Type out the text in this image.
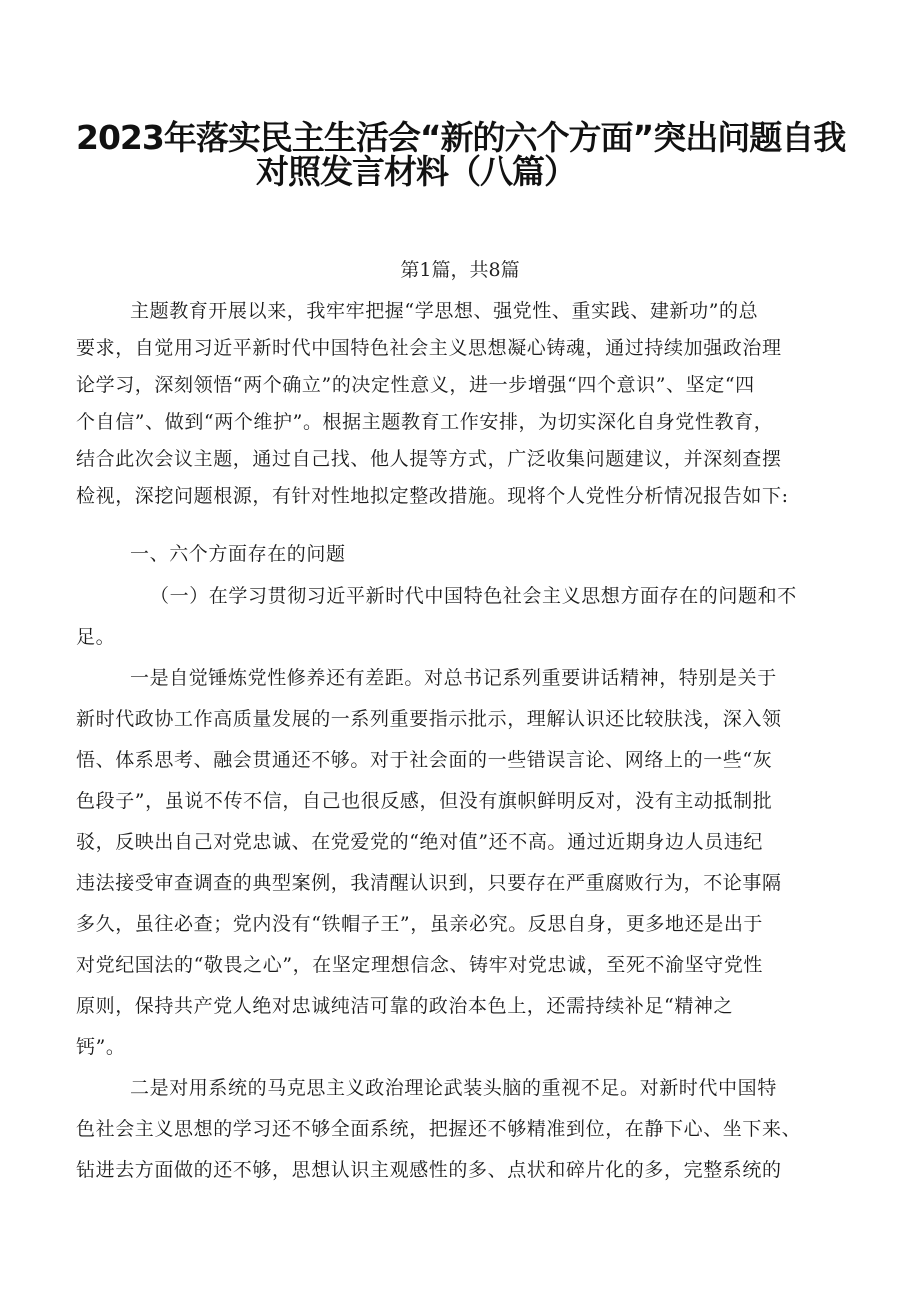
2023年落实民主生活会“新的六个方面”突出问题自我
对照发言材料（八篇）
第1篇，共8篇
主题教育开展以来，我牢牢把握“学思想、强党性、重实践、建新功”的总
要求，自觉用习近平新时代中国特色社会主义思想凝心铸魂，通过持续加强政治理
论学习，深刻领悟“两个确立”的决定性意义，进一步增强“四个意识”、坚定“四
个自信”、做到“两个维护”。根据主题教育工作安排，为切实深化自身党性教育，
结合此次会议主题，通过自己找、他人提等方式，广泛收集问题建议，并深刻查摆
检视，深挖问题根源，有针对性地拟定整改措施。现将个人党性分析情况报告如下:
一、六个方面存在的问题
（一）在学习贯彻习近平新时代中国特色社会主义思想方面存在的问题和不
足。
一是自觉锤炼党性修养还有差距。对总书记系列重要讲话精神，特别是关于
新时代政协工作高质量发展的一系列重要指示批示，理解认识还比较肤浅，深入领
悟、体系思考、融会贯通还不够。对于社会面的一些错误言论、网络上的一些“灰
色段子”，虽说不传不信，自己也很反感，但没有旗帜鲜明反对，没有主动抵制批
驳，反映出自己对党忠诚、在党爱党的“绝对值”还不高。通过近期身边人员违纪
违法接受审查调查的典型案例，我清醒认识到，只要存在严重腐败行为，不论事隔
多久，虽往必查；党内没有“铁帽子王”，虽亲必究。反思自身，更多地还是出于
对党纪国法的“敬畏之心”，在坚定理想信念、铸牢对党忠诚，至死不渝坚守党性
原则，保持共产党人绝对忠诚纯洁可靠的政治本色上，还需持续补足“精神之
钙”。
二是对用系统的马克思主义政治理论武装头脑的重视不足。对新时代中国特
色社会主义思想的学习还不够全面系统，把握还不够精准到位，在静下心、坐下来、
钻进去方面做的还不够，思想认识主观感性的多、点状和碎片化的多，完整系统的
